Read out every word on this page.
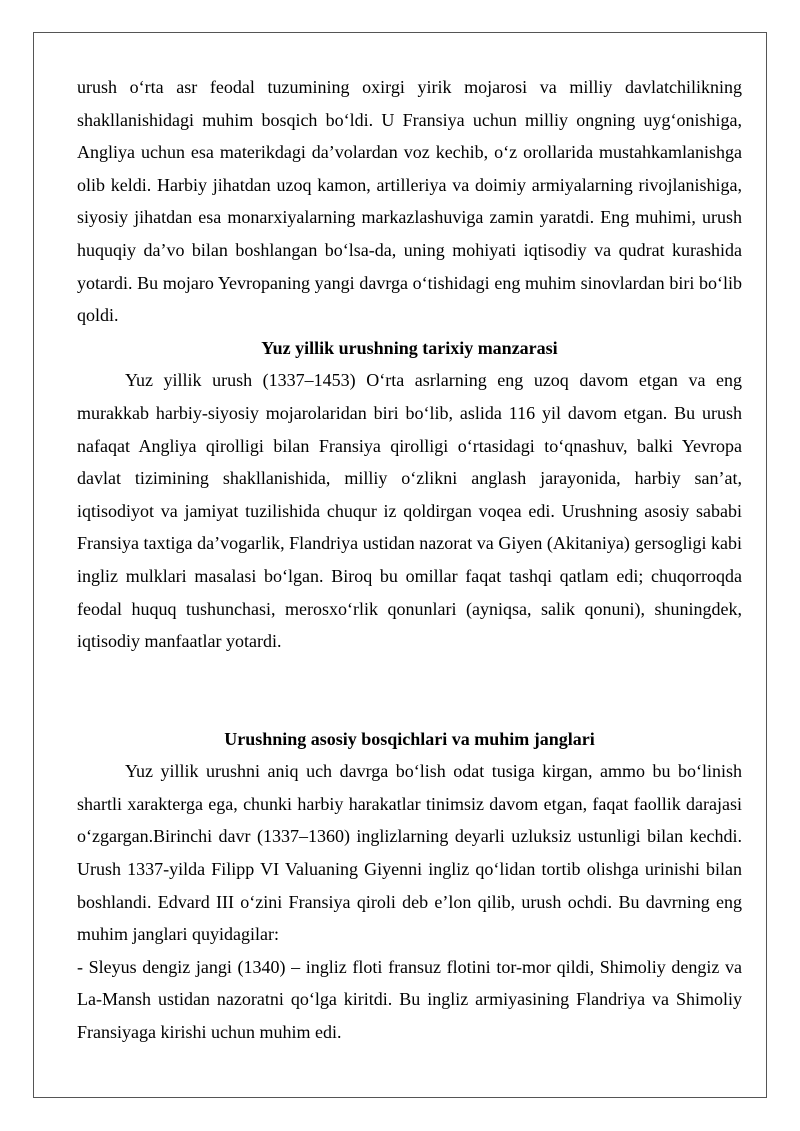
urush o‘rta asr feodal tuzumining oxirgi yirik mojarosi va milliy davlatchilikning shakllanishidagi muhim bosqich bo‘ldi. U Fransiya uchun milliy ongning uyg‘onishiga, Angliya uchun esa materikdagi da’volardan voz kechib, o‘z orollarida mustahkamlanishga olib keldi. Harbiy jihatdan uzoq kamon, artilleriya va doimiy armiyalarning rivojlanishiga, siyosiy jihatdan esa monarxiyalarning markazlashuviga zamin yaratdi. Eng muhimi, urush huquqiy da’vo bilan boshlangan bo‘lsa-da, uning mohiyati iqtisodiy va qudrat kurashida yotardi. Bu mojaro Yevropaning yangi davrga o‘tishidagi eng muhim sinovlardan biri bo‘lib qoldi.

Yuz yillik urushning tarixiy manzarasi

Yuz yillik urush (1337–1453) O‘rta asrlarning eng uzoq davom etgan va eng murakkab harbiy-siyosiy mojarolaridan biri bo‘lib, aslida 116 yil davom etgan. Bu urush nafaqat Angliya qirolligi bilan Fransiya qirolligi o‘rtasidagi to‘qnashuv, balki Yevropa davlat tizimining shakllanishida, milliy o‘zlikni anglash jarayonida, harbiy san’at, iqtisodiyot va jamiyat tuzilishida chuqur iz qoldirgan voqea edi. Urushning asosiy sababi Fransiya taxtiga da’vogarlik, Flandriya ustidan nazorat va Giyen (Akitaniya) gersogligi kabi ingliz mulklari masalasi bo‘lgan. Biroq bu omillar faqat tashqi qatlam edi; chuqorroqda feodal huquq tushunchasi, merosxo‘rlik qonunlari (ayniqsa, salik qonuni), shuningdek, iqtisodiy manfaatlar yotardi.

Urushning asosiy bosqichlari va muhim janglari

Yuz yillik urushni aniq uch davrga bo‘lish odat tusiga kirgan, ammo bu bo‘linish shartli xarakterga ega, chunki harbiy harakatlar tinimsiz davom etgan, faqat faollik darajasi o‘zgargan.Birinchi davr (1337–1360) inglizlarning deyarli uzluksiz ustunligi bilan kechdi. Urush 1337-yilda Filipp VI Valuaning Giyenni ingliz qo‘lidan tortib olishga urinishi bilan boshlandi. Edvard III o‘zini Fransiya qiroli deb e’lon qilib, urush ochdi. Bu davrning eng muhim janglari quyidagilar:

- Sleyus dengiz jangi (1340) – ingliz floti fransuz flotini tor-mor qildi, Shimoliy dengiz va La-Mansh ustidan nazoratni qo‘lga kiritdi. Bu ingliz armiyasining Flandriya va Shimoliy Fransiyaga kirishi uchun muhim edi.
